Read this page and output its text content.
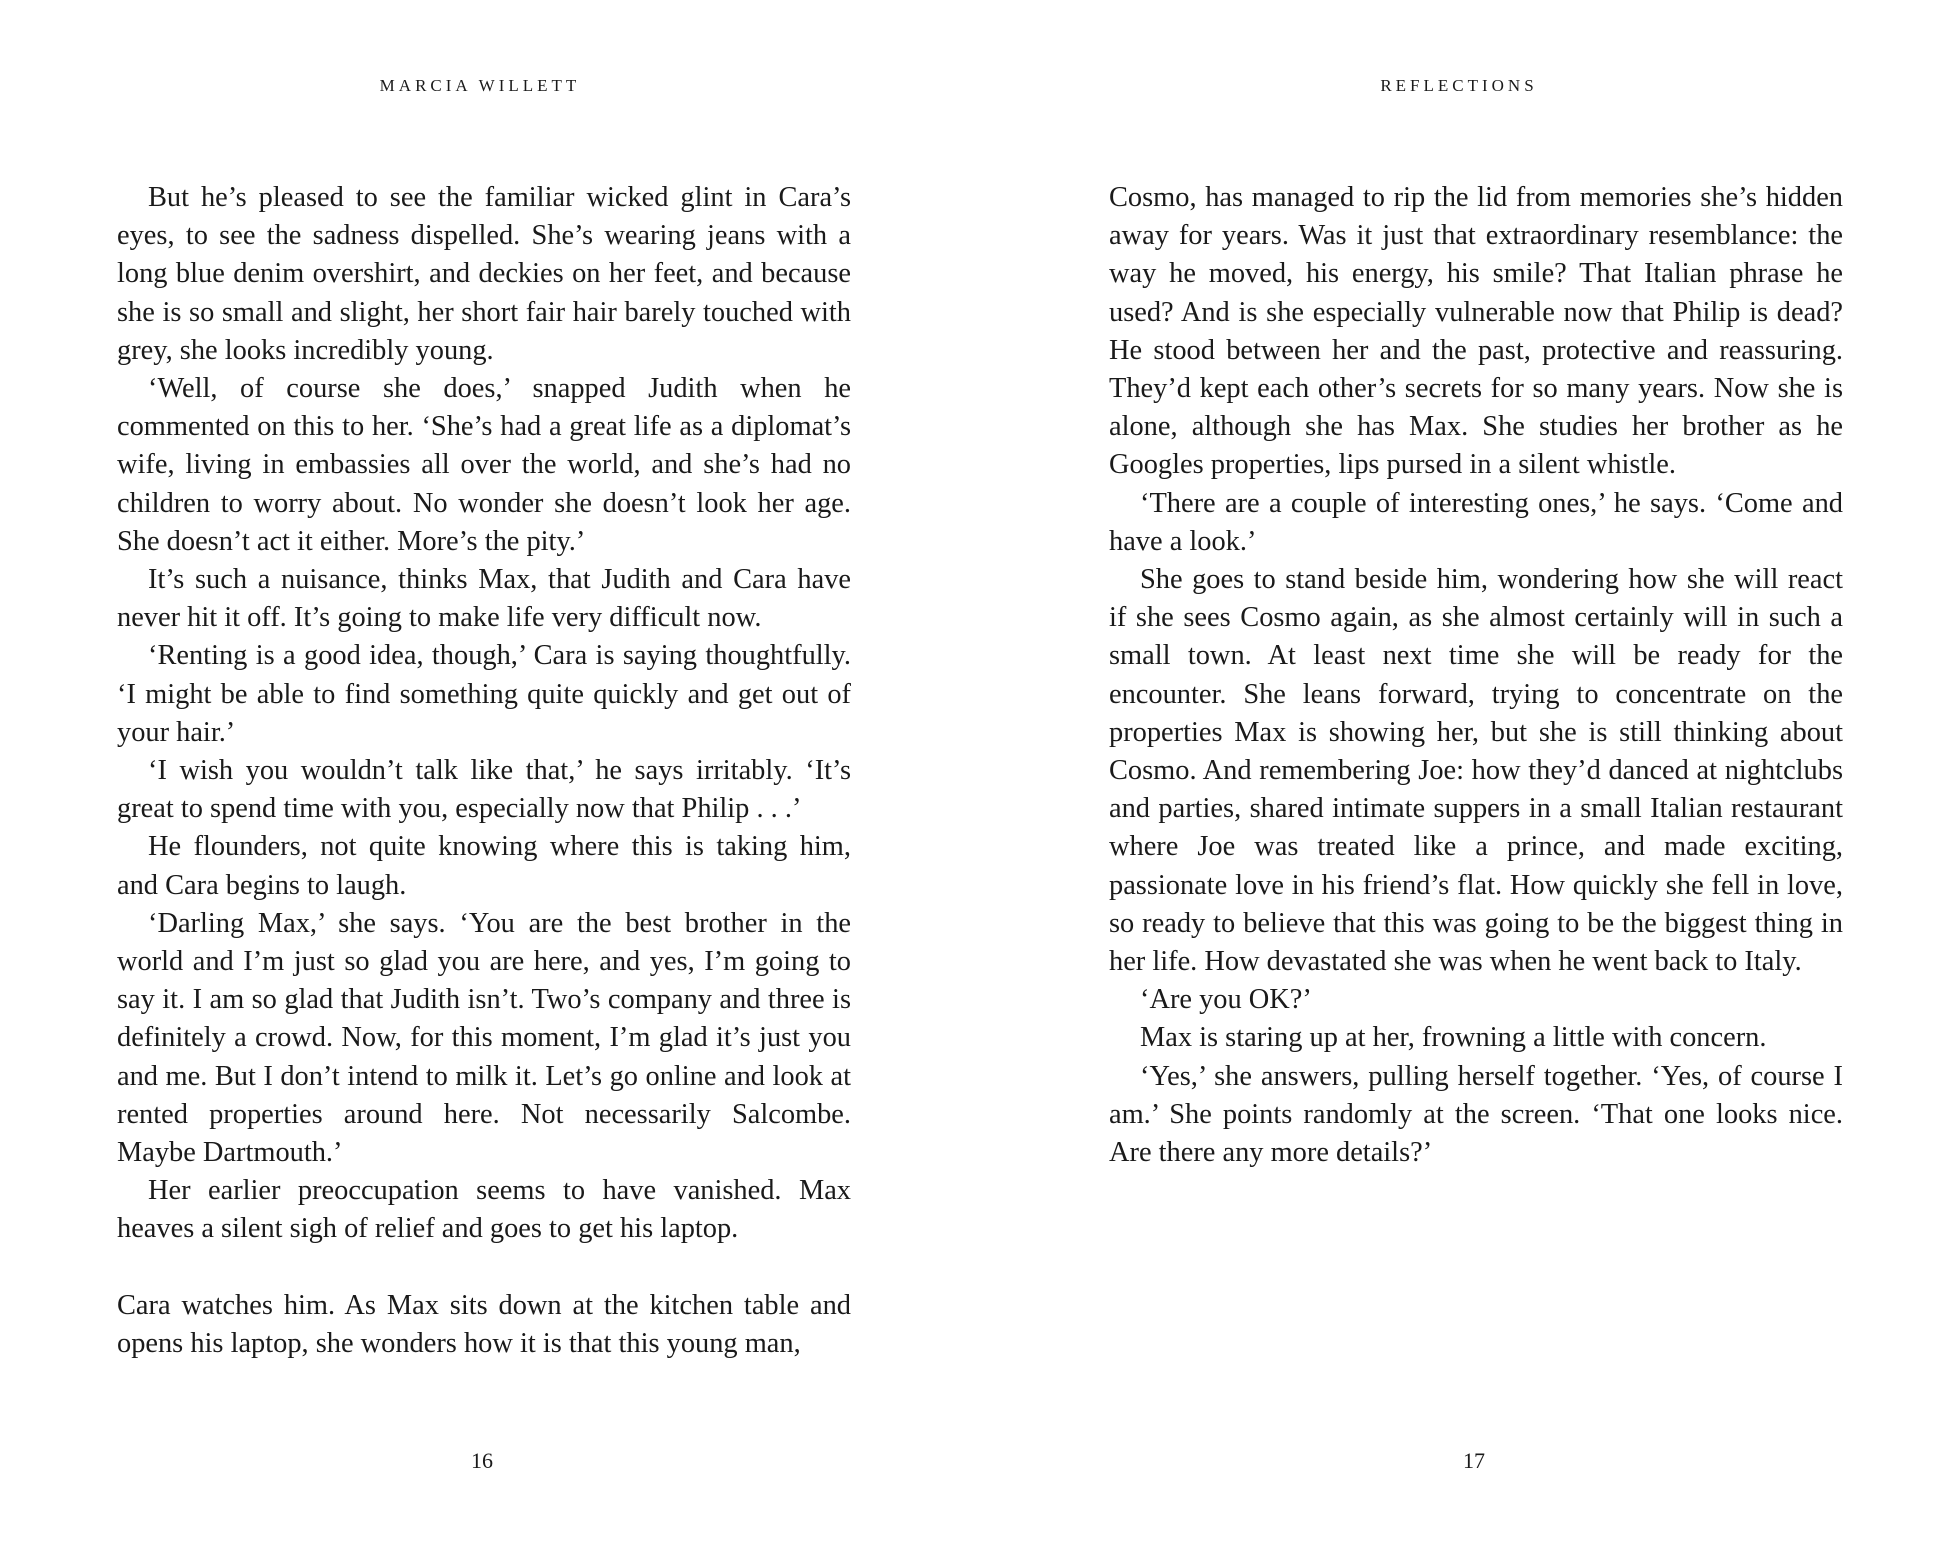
MARCIA WILLETT

But he’s pleased to see the familiar wicked glint in Cara’s eyes, to see the sadness dispelled. She’s wearing jeans with a long blue denim overshirt, and deckies on her feet, and because she is so small and slight, her short fair hair barely touched with grey, she looks incredibly young.

‘Well, of course she does,’ snapped Judith when he commented on this to her. ‘She’s had a great life as a diplomat’s wife, living in embassies all over the world, and she’s had no children to worry about. No wonder she doesn’t look her age. She doesn’t act it either. More’s the pity.’

It’s such a nuisance, thinks Max, that Judith and Cara have never hit it off. It’s going to make life very difficult now.

‘Renting is a good idea, though,’ Cara is saying thoughtfully. ‘I might be able to find something quite quickly and get out of your hair.’

‘I wish you wouldn’t talk like that,’ he says irritably. ‘It’s great to spend time with you, especially now that Philip . . .’

He flounders, not quite knowing where this is taking him, and Cara begins to laugh.

‘Darling Max,’ she says. ‘You are the best brother in the world and I’m just so glad you are here, and yes, I’m going to say it. I am so glad that Judith isn’t. Two’s company and three is definitely a crowd. Now, for this moment, I’m glad it’s just you and me. But I don’t intend to milk it. Let’s go online and look at rented properties around here. Not necessarily Salcombe. Maybe Dartmouth.’

Her earlier preoccupation seems to have vanished. Max heaves a silent sigh of relief and goes to get his laptop.

Cara watches him. As Max sits down at the kitchen table and opens his laptop, she wonders how it is that this young man,

16
REFLECTIONS

Cosmo, has managed to rip the lid from memories she’s hidden away for years. Was it just that extraordinary resemblance: the way he moved, his energy, his smile? That Italian phrase he used? And is she especially vulnerable now that Philip is dead? He stood between her and the past, protective and reassuring. They’d kept each other’s secrets for so many years. Now she is alone, although she has Max. She studies her brother as he Googles properties, lips pursed in a silent whistle.

‘There are a couple of interesting ones,’ he says. ‘Come and have a look.’

She goes to stand beside him, wondering how she will react if she sees Cosmo again, as she almost certainly will in such a small town. At least next time she will be ready for the encounter. She leans forward, trying to concentrate on the properties Max is showing her, but she is still thinking about Cosmo. And remembering Joe: how they’d danced at nightclubs and parties, shared intimate suppers in a small Italian restaurant where Joe was treated like a prince, and made exciting, passionate love in his friend’s flat. How quickly she fell in love, so ready to believe that this was going to be the biggest thing in her life. How devastated she was when he went back to Italy.

‘Are you OK?’

Max is staring up at her, frowning a little with concern.

‘Yes,’ she answers, pulling herself together. ‘Yes, of course I am.’ She points randomly at the screen. ‘That one looks nice. Are there any more details?’

17
